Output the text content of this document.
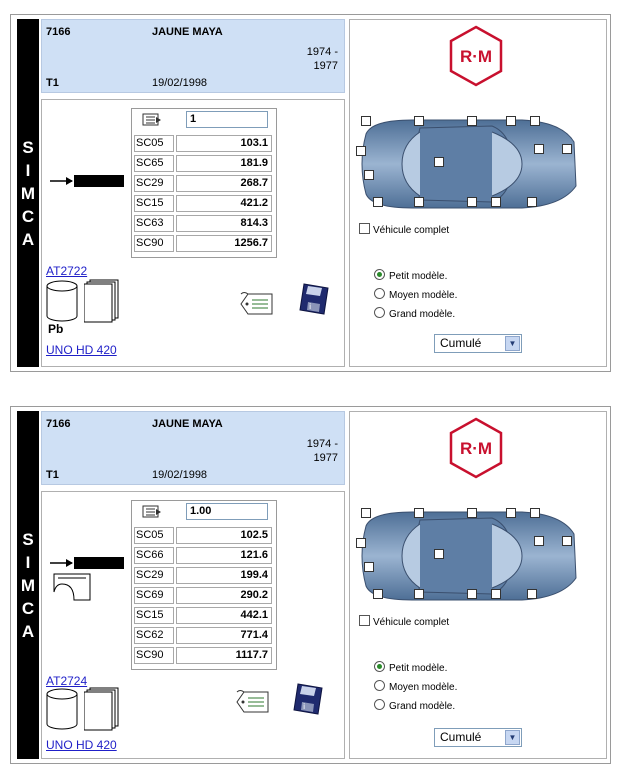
S
I
M
C
A
7166	JAUNE MAYA
1974 -
1977
T1	19/02/1998
1
SC05	103.1
SC65	181.9
SC29	268.7
SC15	421.2
SC63	814.3
SC90	1256.7
AT2722
Pb
UNO HD 420
i
R·M
Véhicule complet
Petit modèle.
Moyen modèle.
Grand modèle.
Cumulé	▼
S
I
M
C
A
7166	JAUNE MAYA
1974 -
1977
T1	19/02/1998
1.00
SC05	102.5
SC66	121.6
SC29	199.4
SC69	290.2
SC15	442.1
SC62	771.4
SC90	1117.7
AT2724
UNO HD 420
i
R·M
Véhicule complet
Petit modèle.
Moyen modèle.
Grand modèle.
Cumulé	▼
